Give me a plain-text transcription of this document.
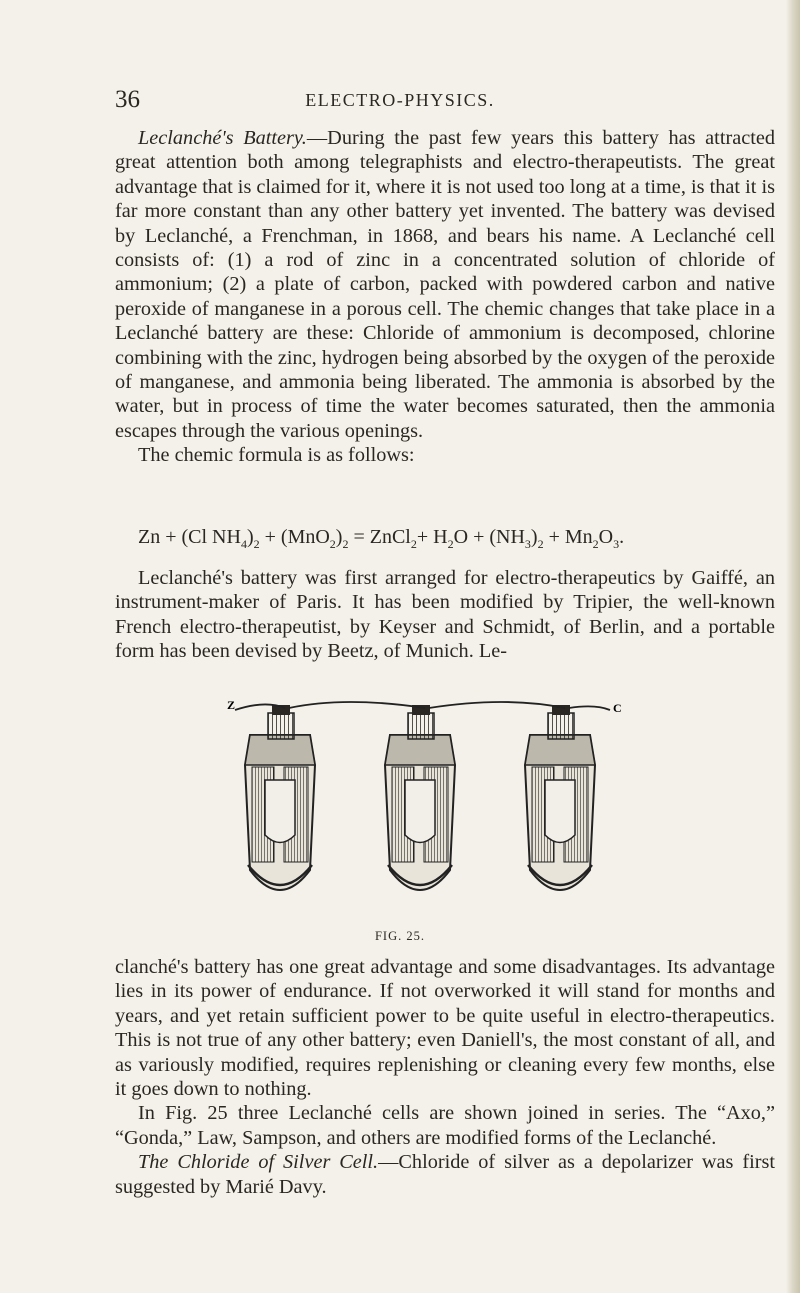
36	ELECTRO-PHYSICS.

Leclanché's Battery.—During the past few years this battery has attracted great attention both among telegraphists and electro-therapeutists. The great advantage that is claimed for it, where it is not used too long at a time, is that it is far more constant than any other battery yet invented. The battery was devised by Leclanché, a Frenchman, in 1868, and bears his name. A Leclanché cell consists of: (1) a rod of zinc in a concentrated solution of chloride of ammonium; (2) a plate of carbon, packed with powdered carbon and native peroxide of manganese in a porous cell. The chemic changes that take place in a Leclanché battery are these: Chloride of ammonium is decomposed, chlorine combining with the zinc, hydrogen being absorbed by the oxygen of the peroxide of manganese, and ammonia being liberated. The ammonia is absorbed by the water, but in process of time the water becomes saturated, then the ammonia escapes through the various openings.

The chemic formula is as follows:

Zn + (Cl $NH_4)_2 + (MnO_2)_2$ = ZnCl$_2$+ $H_2O + (NH_3)_2 + Mn_2O_3$.

Leclanché's battery was first arranged for electro-therapeutics by Gaiffé, an instrument-maker of Paris. It has been modified by Tripier, the well-known French electro-therapeutist, by Keyser and Schmidt, of Berlin, and a portable form has been devised by Beetz, of Munich. Le-

Z	C
FIG. 25.

clanché's battery has one great advantage and some disadvantages. Its advantage lies in its power of endurance. If not overworked it will stand for months and years, and yet retain sufficient power to be quite useful in electro-therapeutics. This is not true of any other battery; even Daniell's, the most constant of all, and as variously modified, requires replenishing or cleaning every few months, else it goes down to nothing.

In Fig. 25 three Leclanché cells are shown joined in series. The “Axo,” “Gonda,” Law, Sampson, and others are modified forms of the Leclanché.

The Chloride of Silver Cell.—Chloride of silver as a depolarizer was first suggested by Marié Davy.
